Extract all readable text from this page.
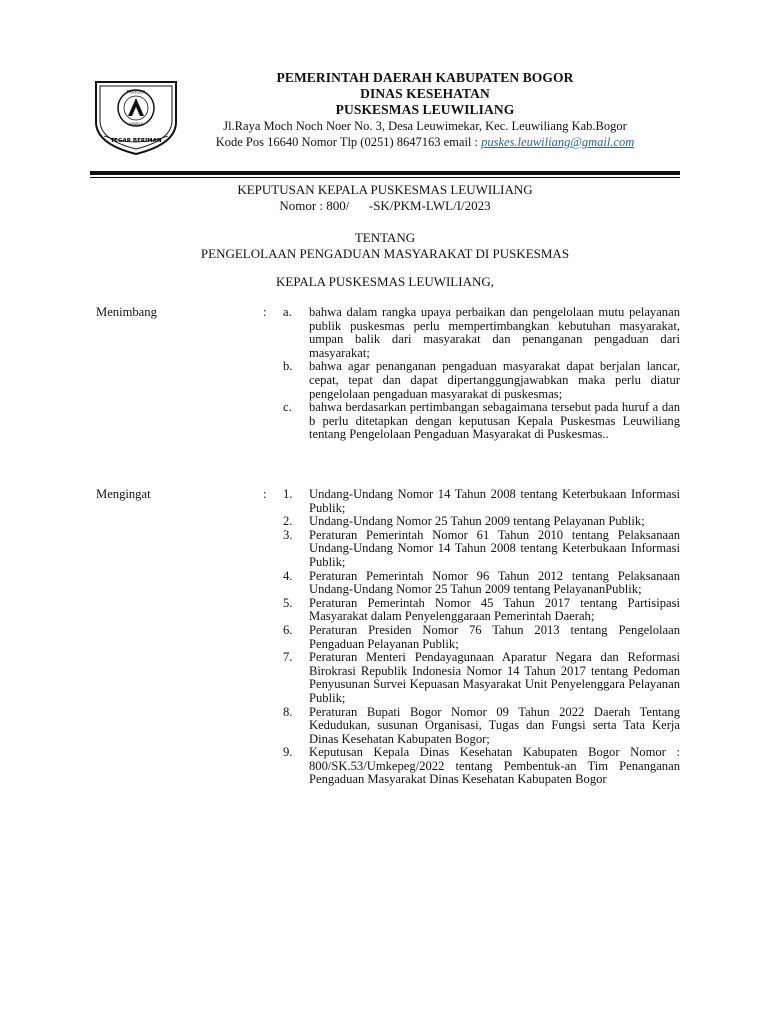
PRAYOGA
SAWALA
TEGAR BERIMAN
PEMERINTAH DAERAH KABUPATEN BOGOR
DINAS KESEHATAN
PUSKESMAS LEUWILIANG
Jl.Raya Moch Noch Noer No. 3, Desa Leuwimekar, Kec. Leuwiliang Kab.Bogor
Kode Pos 16640 Nomor Tlp (0251) 8647163 email : puskes.leuwiliang@gmail.com
KEPUTUSAN KEPALA PUSKESMAS LEUWILIANG
Nomor : 800/      -SK/PKM-LWL/I/2023
TENTANG
PENGELOLAAN PENGADUAN MASYARAKAT DI PUSKESMAS
KEPALA PUSKESMAS LEUWILIANG,
Menimbang	: a.	bahwa dalam rangka upaya perbaikan dan pengelolaan mutu pelayanan publik puskesmas perlu mempertimbangkan kebutuhan masyarakat, umpan balik dari masyarakat dan penanganan pengaduan dari masyarakat;
b.	bahwa agar penanganan pengaduan masyarakat dapat berjalan lancar, cepat, tepat dan dapat dipertanggungjawabkan maka perlu diatur pengelolaan pengaduan masyarakat di puskesmas;
c.	bahwa berdasarkan pertimbangan sebagaimana tersebut pada huruf a dan b perlu ditetapkan dengan keputusan Kepala Puskesmas Leuwiliang tentang Pengelolaan Pengaduan Masyarakat di Puskesmas..
Mengingat	: 1.	Undang-Undang Nomor 14 Tahun 2008 tentang Keterbukaan Informasi Publik;
2.	Undang-Undang Nomor 25 Tahun 2009 tentang Pelayanan Publik;
3.	Peraturan Pemerintah Nomor 61 Tahun 2010 tentang Pelaksanaan Undang-Undang Nomor 14 Tahun 2008 tentang Keterbukaan Informasi Publik;
4.	Peraturan Pemerintah Nomor 96 Tahun 2012 tentang Pelaksanaan Undang-Undang Nomor 25 Tahun 2009 tentang PelayananPublik;
5.	Peraturan Pemerintah Nomor 45 Tahun 2017 tentang Partisipasi Masyarakat dalam Penyelenggaraan Pemerintah Daerah;
6.	Peraturan Presiden Nomor 76 Tahun 2013 tentang Pengelolaan Pengaduan Pelayanan Publik;
7.	Peraturan Menteri Pendayagunaan Aparatur Negara dan Reformasi Birokrasi Republik Indonesia Nomor 14 Tahun 2017 tentang Pedoman Penyusunan Survei Kepuasan Masyarakat Unit Penyelenggara Pelayanan Publik;
8.	Peraturan Bupati Bogor Nomor 09 Tahun 2022 Daerah Tentang Kedudukan, susunan Organisasi, Tugas dan Fungsi serta Tata Kerja Dinas Kesehatan Kabupaten Bogor;
9.	Keputusan Kepala Dinas Kesehatan Kabupaten Bogor Nomor : 800/SK.53/Umkepeg/2022 tentang Pembentuk-an Tim Penanganan Pengaduan Masyarakat Dinas Kesehatan Kabupaten Bogor
